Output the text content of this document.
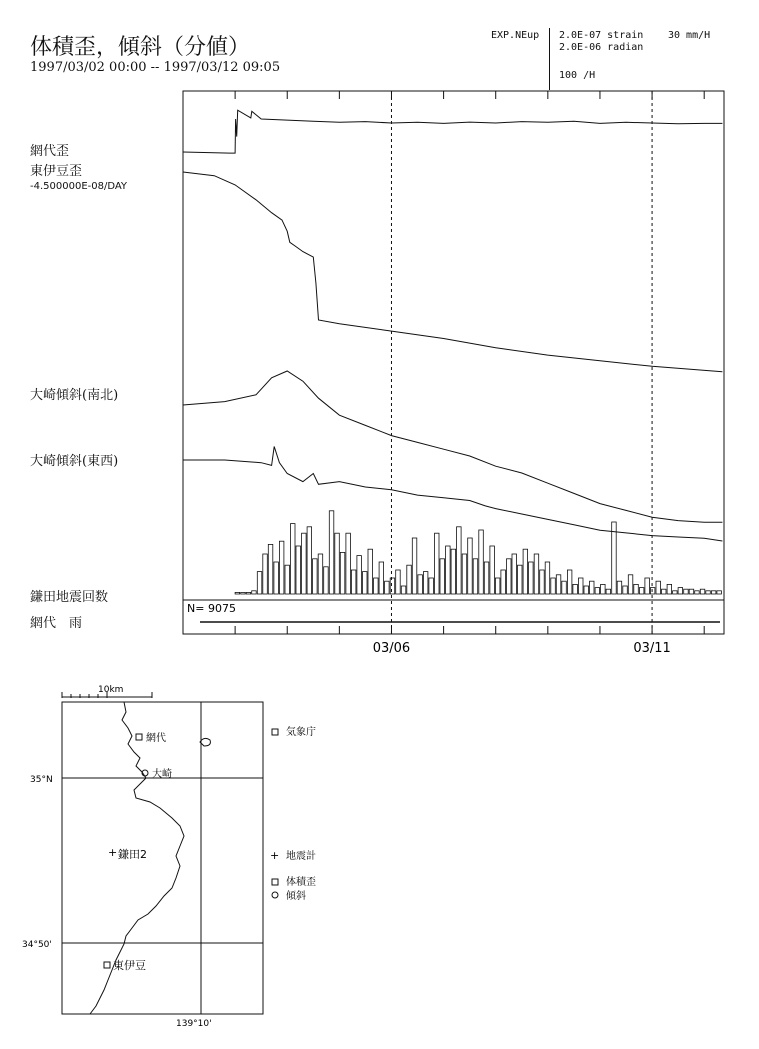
体積歪，傾斜（分値）
1997/03/02 00:00 -- 1997/03/12 09:05
EXP.NEup 2.0E-07 strain 30 mm/H
2.0E-06 radian
100 /H
網代歪
東伊豆歪
-4.500000E-08/DAY
大崎傾斜(南北)
大崎傾斜(東西)
鎌田地震回数
網代　雨
N= 9075
03/06	03/11
10km
+	+
網代
大崎
鎌田2
東伊豆
35°N
34°50'
139°10'
気象庁
地震計
体積歪
傾斜
